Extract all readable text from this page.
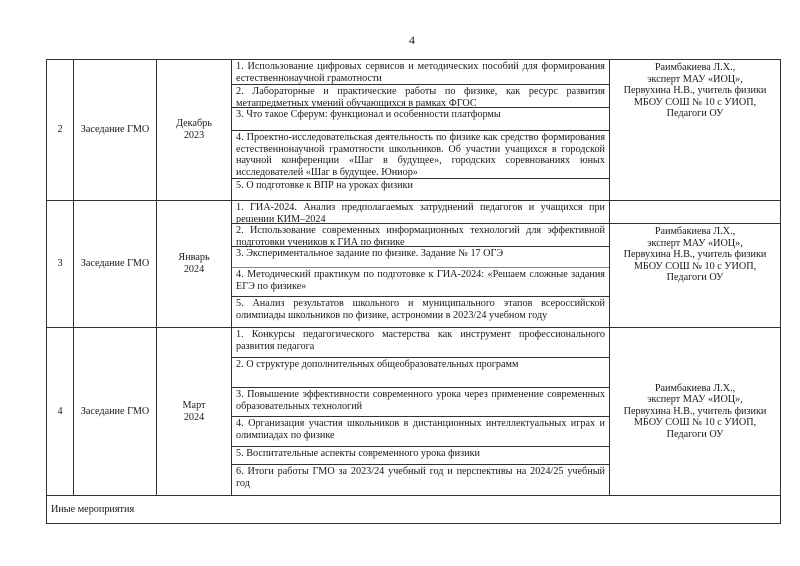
4
2	Заседание ГМО	
Декабрь
2023

1. Использование цифровых сервисов и методических пособий для формирования естественнонаучной грамотности
2. Лабораторные и практические работы по физике, как ресурс развития метапредметных умений обучающихся в рамках ФГОС
3. Что такое Сферум: функционал и особенности платформы
4. Проектно-исследовательская деятельность по физике как средство формирования естественнонаучной грамотности школьников. Об участии учащихся в городской научной конференции «Шаг в будущее», городских соревнованиях юных исследователей «Шаг в будущее. Юниор»
5. О подготовке к ВПР на уроках физики

Раимбакиева Л.Х.,
эксперт МАУ «ИОЦ»,
Первухина Н.В., учитель физики
МБОУ СОШ № 10 с УИОП,
Педагоги ОУ

3	Заседание ГМО	
Январь
2024

1. ГИА-2024. Анализ предполагаемых затруднений педагогов и учащихся при решении КИМ–2024
2. Использование современных информационных технологий для эффективной подготовки учеников к ГИА по физике
3. Экспериментальное задание по физике. Задание № 17 ОГЭ
4. Методический практикум по подготовке к ГИА-2024: «Решаем сложные задания ЕГЭ по физике»
5. Анализ результатов школьного и муниципального этапов всероссийской олимпиады школьников по физике, астрономии в 2023/24 учебном году

Раимбакиева Л.Х.,
эксперт МАУ «ИОЦ»,
Первухина Н.В., учитель физики
МБОУ СОШ № 10 с УИОП,
Педагоги ОУ

4	Заседание ГМО	
Март
2024

1. Конкурсы педагогического мастерства как инструмент профессионального развития педагога
2. О структуре дополнительных общеобразовательных программ
3. Повышение эффективности современного урока через применение современных образовательных технологий
4. Организация участия школьников в дистанционных интеллектуальных играх и олимпиадах по физике
5. Воспитательные аспекты современного урока физики
6. Итоги работы ГМО за 2023/24 учебный год и перспективы на 2024/25 учебный год

Раимбакиева Л.Х.,
эксперт МАУ «ИОЦ»,
Первухина Н.В., учитель физики
МБОУ СОШ № 10 с УИОП,
Педагоги ОУ

Иные мероприятия				
